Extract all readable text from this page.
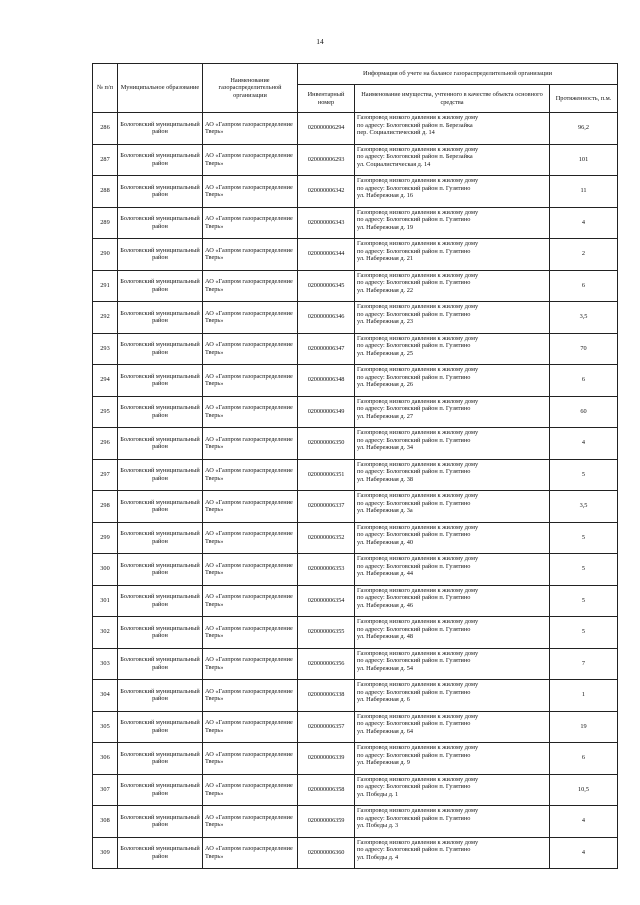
14
№ п/п	Муниципальное образование	Наименование газораспределительной организации	Информация об учете на балансе газораспределительной организации		
			Инвентарный номер	Наименование имущества, учтенного в качестве объекта основного средства	Протяженность, п.м.
286	Бологовский муниципальный район	АО «Газпром газораспределение Тверь»	020000006294	Газопровод низкого давления к жилому дому
по адресу: Бологовский район п. Березайка
пер. Социалистический д. 14	96,2
287	Бологовский муниципальный район	АО «Газпром газораспределение Тверь»	020000006293	Газопровод низкого давления к жилому дому
по адресу: Бологовский район п. Березайка
ул. Социалистическая д. 14	101
288	Бологовский муниципальный район	АО «Газпром газораспределение Тверь»	020000006342	Газопровод низкого давления к жилому дому
по адресу: Бологовский район п. Гузятино
ул. Набережная д. 16	11
289	Бологовский муниципальный район	АО «Газпром газораспределение Тверь»	020000006343	Газопровод низкого давления к жилому дому
по адресу: Бологовский район п. Гузятино
ул. Набережная д. 19	4
290	Бологовский муниципальный район	АО «Газпром газораспределение Тверь»	020000006344	Газопровод низкого давления к жилому дому
по адресу: Бологовский район п. Гузятино
ул. Набережная д. 21	2
291	Бологовский муниципальный район	АО «Газпром газораспределение Тверь»	020000006345	Газопровод низкого давления к жилому дому
по адресу: Бологовский район п. Гузятино
ул. Набережная д. 22	6
292	Бологовский муниципальный район	АО «Газпром газораспределение Тверь»	020000006346	Газопровод низкого давления к жилому дому
по адресу: Бологовский район п. Гузятино
ул. Набережная д. 23	3,5
293	Бологовский муниципальный район	АО «Газпром газораспределение Тверь»	020000006347	Газопровод низкого давления к жилому дому
по адресу: Бологовский район п. Гузятино
ул. Набережная д. 25	70
294	Бологовский муниципальный район	АО «Газпром газораспределение Тверь»	020000006348	Газопровод низкого давления к жилому дому
по адресу: Бологовский район п. Гузятино
ул. Набережная д. 26	6
295	Бологовский муниципальный район	АО «Газпром газораспределение Тверь»	020000006349	Газопровод низкого давления к жилому дому
по адресу: Бологовский район п. Гузятино
ул. Набережная д. 27	60
296	Бологовский муниципальный район	АО «Газпром газораспределение Тверь»	020000006350	Газопровод низкого давления к жилому дому
по адресу: Бологовский район п. Гузятино
ул. Набережная д. 34	4
297	Бологовский муниципальный район	АО «Газпром газораспределение Тверь»	020000006351	Газопровод низкого давления к жилому дому
по адресу: Бологовский район п. Гузятино
ул. Набережная д. 38	5
298	Бологовский муниципальный район	АО «Газпром газораспределение Тверь»	020000006337	Газопровод низкого давления к жилому дому
по адресу: Бологовский район п. Гузятино
ул. Набережная д. 3а	3,5
299	Бологовский муниципальный район	АО «Газпром газораспределение Тверь»	020000006352	Газопровод низкого давления к жилому дому
по адресу: Бологовский район п. Гузятино
ул. Набережная д. 40	5
300	Бологовский муниципальный район	АО «Газпром газораспределение Тверь»	020000006353	Газопровод низкого давления к жилому дому
по адресу: Бологовский район п. Гузятино
ул. Набережная д. 44	5
301	Бологовский муниципальный район	АО «Газпром газораспределение Тверь»	020000006354	Газопровод низкого давления к жилому дому
по адресу: Бологовский район п. Гузятино
ул. Набережная д. 46	5
302	Бологовский муниципальный район	АО «Газпром газораспределение Тверь»	020000006355	Газопровод низкого давления к жилому дому
по адресу: Бологовский район п. Гузятино
ул. Набережная д. 48	5
303	Бологовский муниципальный район	АО «Газпром газораспределение Тверь»	020000006356	Газопровод низкого давления к жилому дому
по адресу: Бологовский район п. Гузятино
ул. Набережная д. 54	7
304	Бологовский муниципальный район	АО «Газпром газораспределение Тверь»	020000006338	Газопровод низкого давления к жилому дому
по адресу: Бологовский район п. Гузятино
ул. Набережная д. 6	1
305	Бологовский муниципальный район	АО «Газпром газораспределение Тверь»	020000006357	Газопровод низкого давления к жилому дому
по адресу: Бологовский район п. Гузятино
ул. Набережная д. 64	19
306	Бологовский муниципальный район	АО «Газпром газораспределение Тверь»	020000006339	Газопровод низкого давления к жилому дому
по адресу: Бологовский район п. Гузятино
ул. Набережная д. 9	6
307	Бологовский муниципальный район	АО «Газпром газораспределение Тверь»	020000006358	Газопровод низкого давления к жилому дому
по адресу: Бологовский район п. Гузятино
ул. Победы д. 1	10,5
308	Бологовский муниципальный район	АО «Газпром газораспределение Тверь»	020000006359	Газопровод низкого давления к жилому дому
по адресу: Бологовский район п. Гузятино
ул. Победы д. 3	4
309	Бологовский муниципальный район	АО «Газпром газораспределение Тверь»	020000006360	Газопровод низкого давления к жилому дому
по адресу: Бологовский район п. Гузятино
ул. Победы д. 4	4
